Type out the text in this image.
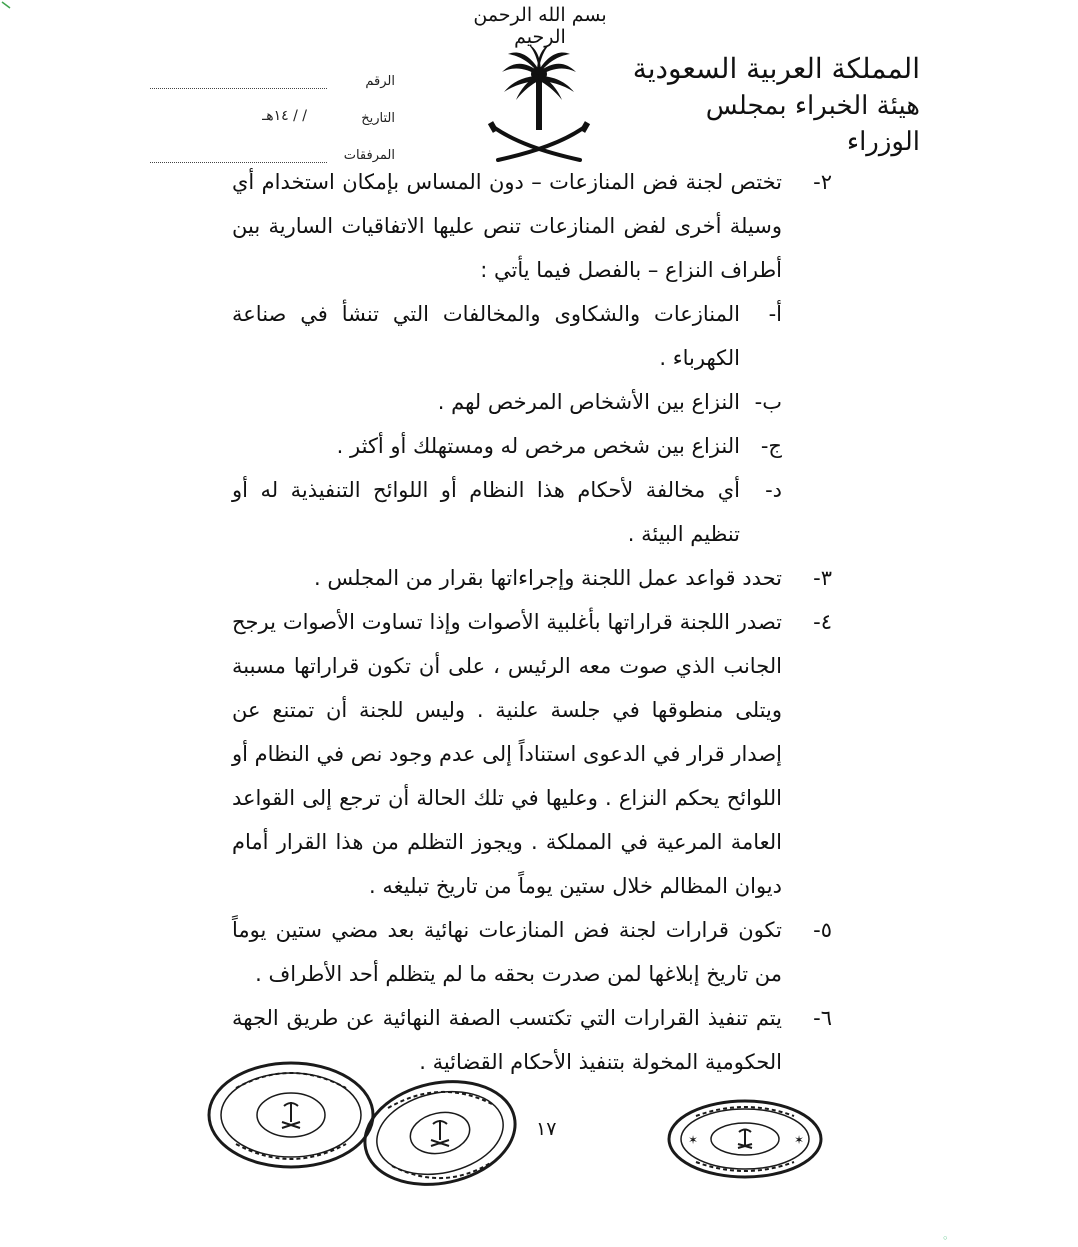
بسم الله الرحمن الرحيم
المملكة العربية السعودية
هيئة الخبراء بمجلس الوزراء
الرقم
التاريخ
/ / ١٤هـ
المرفقات
٢-
تختص لجنة فض المنازعات – دون المساس بإمكان استخدام أي وسيلة أخرى لفض المنازعات تنص عليها الاتفاقيات السارية بين أطراف النزاع – بالفصل فيما يأتي :
أ-
المنازعات والشكاوى والمخالفات التي تنشأ في صناعة الكهرباء .
ب-
النزاع بين الأشخاص المرخص لهم .
ج-
النزاع بين شخص مرخص له ومستهلك أو أكثر .
د-
أي مخالفة لأحكام هذا النظام أو اللوائح التنفيذية له أو تنظيم البيئة .
٣-
تحدد قواعد عمل اللجنة وإجراءاتها بقرار من المجلس .
٤-
تصدر اللجنة قراراتها بأغلبية الأصوات وإذا تساوت الأصوات يرجح الجانب الذي صوت معه الرئيس ، على أن تكون قراراتها مسببة ويتلى منطوقها في جلسة علنية . وليس للجنة أن تمتنع عن إصدار قرار في الدعوى استناداً إلى عدم وجود نص في النظام أو اللوائح يحكم النزاع . وعليها في تلك الحالة أن ترجع إلى القواعد العامة المرعية في المملكة . ويجوز التظلم من هذا القرار أمام ديوان المظالم خلال ستين يوماً من تاريخ تبليغه .
٥-
تكون قرارات لجنة فض المنازعات نهائية بعد مضي ستين يوماً من تاريخ إبلاغها لمن صدرت بحقه ما لم يتظلم أحد الأطراف .
٦-
يتم تنفيذ القرارات التي تكتسب الصفة النهائية عن طريق الجهة الحكومية المخولة بتنفيذ الأحكام القضائية .
١٧	✶	✶
◦
